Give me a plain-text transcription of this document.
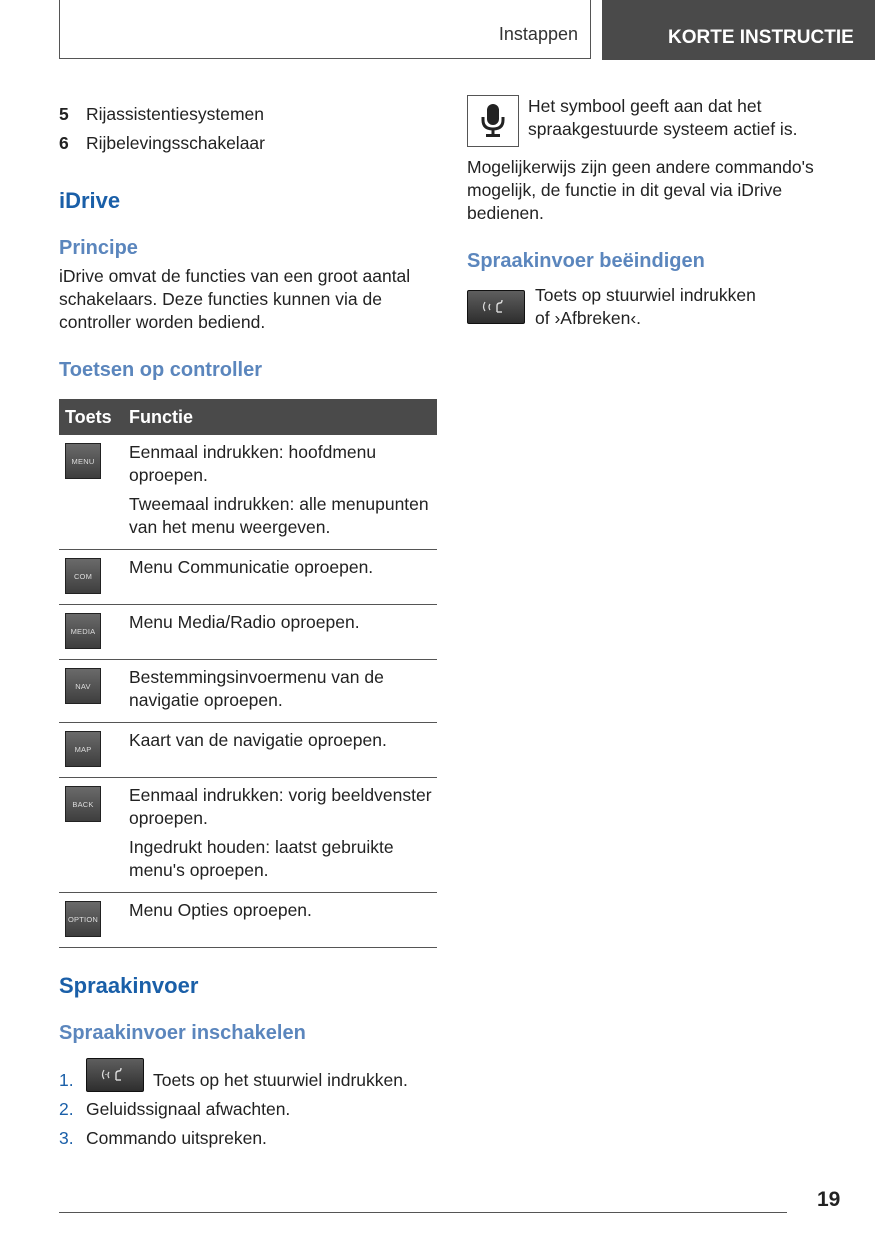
Instappen	KORTE INSTRUCTIE
5 Rijassistentiesystemen
6 Rijbelevingsschakelaar
iDrive
Principe

iDrive omvat de functies van een groot aantal schakelaars. Deze functies kunnen via de controller worden bediend.

Toetsen op controller
Toets	Functie

MENU	Eenmaal indrukken: hoofdmenu oproepen.

Tweemaal indrukken: alle menupunten van het menu weergeven.

COM	Menu Communicatie oproepen.

MEDIA	Menu Media/Radio oproepen.

NAV	Bestemmingsinvoermenu van de navigatie oproepen.

MAP	Kaart van de navigatie oproepen.

BACK	Eenmaal indrukken: vorig beeldvenster oproepen.

Ingedrukt houden: laatst gebruikte menu's oproepen.

OPTION	Menu Opties oproepen.

Spraakinvoer
Spraakinvoer inschakelen
1.	Toets op het stuurwiel indrukken.
2. Geluidssignaal afwachten.
3. Commando uitspreken.

Het symbool geeft aan dat het spraakgestuurde systeem actief is.

Mogelijkerwijs zijn geen andere commando's mogelijk, de functie in dit geval via iDrive bedienen.

Spraakinvoer beëindigen

Toets op stuurwiel indrukken

of ›Afbreken‹.

19
